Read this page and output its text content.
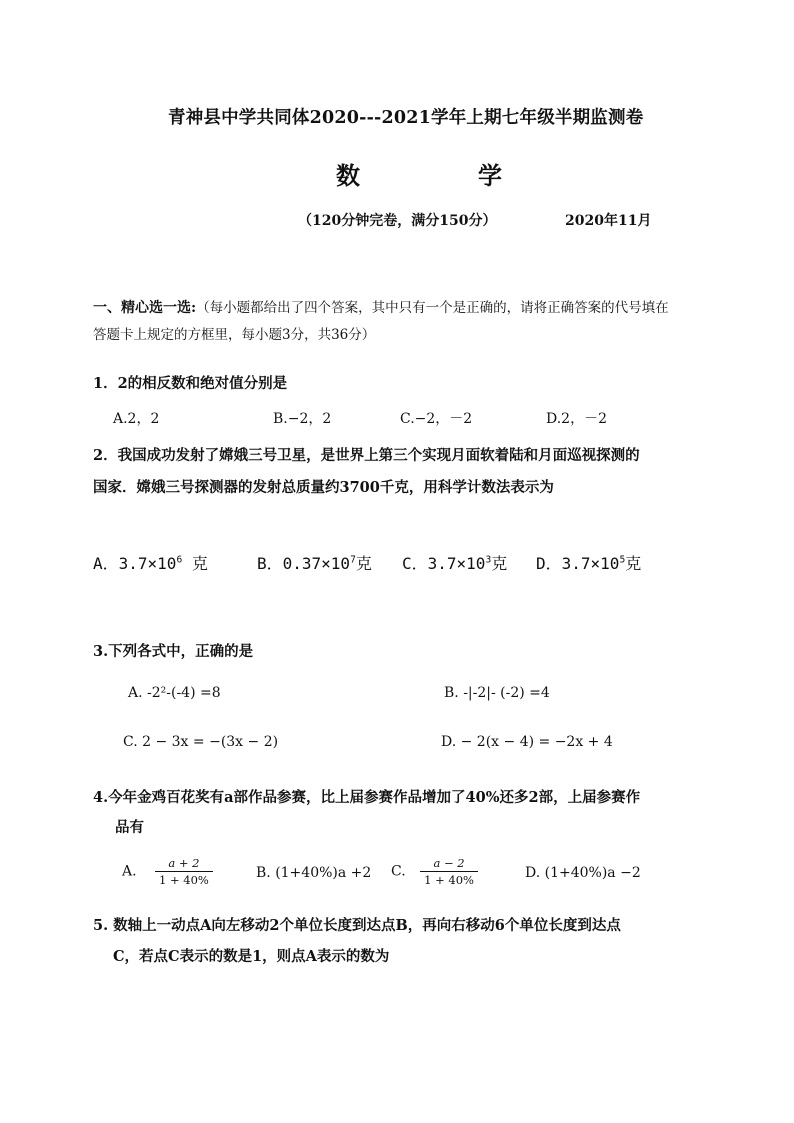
青神县中学共同体2020---2021学年上期七年级半期监测卷
数	学
（120分钟完卷，满分150分）	2020年11月
一、精心选一选:（每小题都给出了四个答案，其中只有一个是正确的，请将正确答案的代号填在
答题卡上规定的方框里，每小题3分，共36分）
1．2的相反数和绝对值分别是
A.2，2	B.−2，2	C.−2，－2	D.2，－2
2．我国成功发射了嫦娥三号卫星，是世界上第三个实现月面软着陆和月面巡视探测的
国家．嫦娥三号探测器的发射总质量约3700千克，用科学计数法表示为
A．$3.7\times 10^6$ 克	B．$0.37\times 10^7$克 C．$3.7\times 10^3$克 D．$3.7\times 10^5$克
3.下列各式中，正确的是
A. -2²-(-4) =8	B. -|-2|- (-2) =4
C. 2 − 3x = −(3x − 2)	D. − 2(x − 4) = −2x + 4
4.今年金鸡百花奖有a部作品参赛，比上届参赛作品增加了40%还多2部，上届参赛作
品有
A. $\frac{a + 2}{1 + 40\%}$	B. (1+40%)a +2 C. $\frac{a - 2}{1 + 40\%}$	D. (1+40%)a −2
5. 数轴上一动点A向左移动2个单位长度到达点B，再向右移动6个单位长度到达点
C，若点C表示的数是1，则点A表示的数为
